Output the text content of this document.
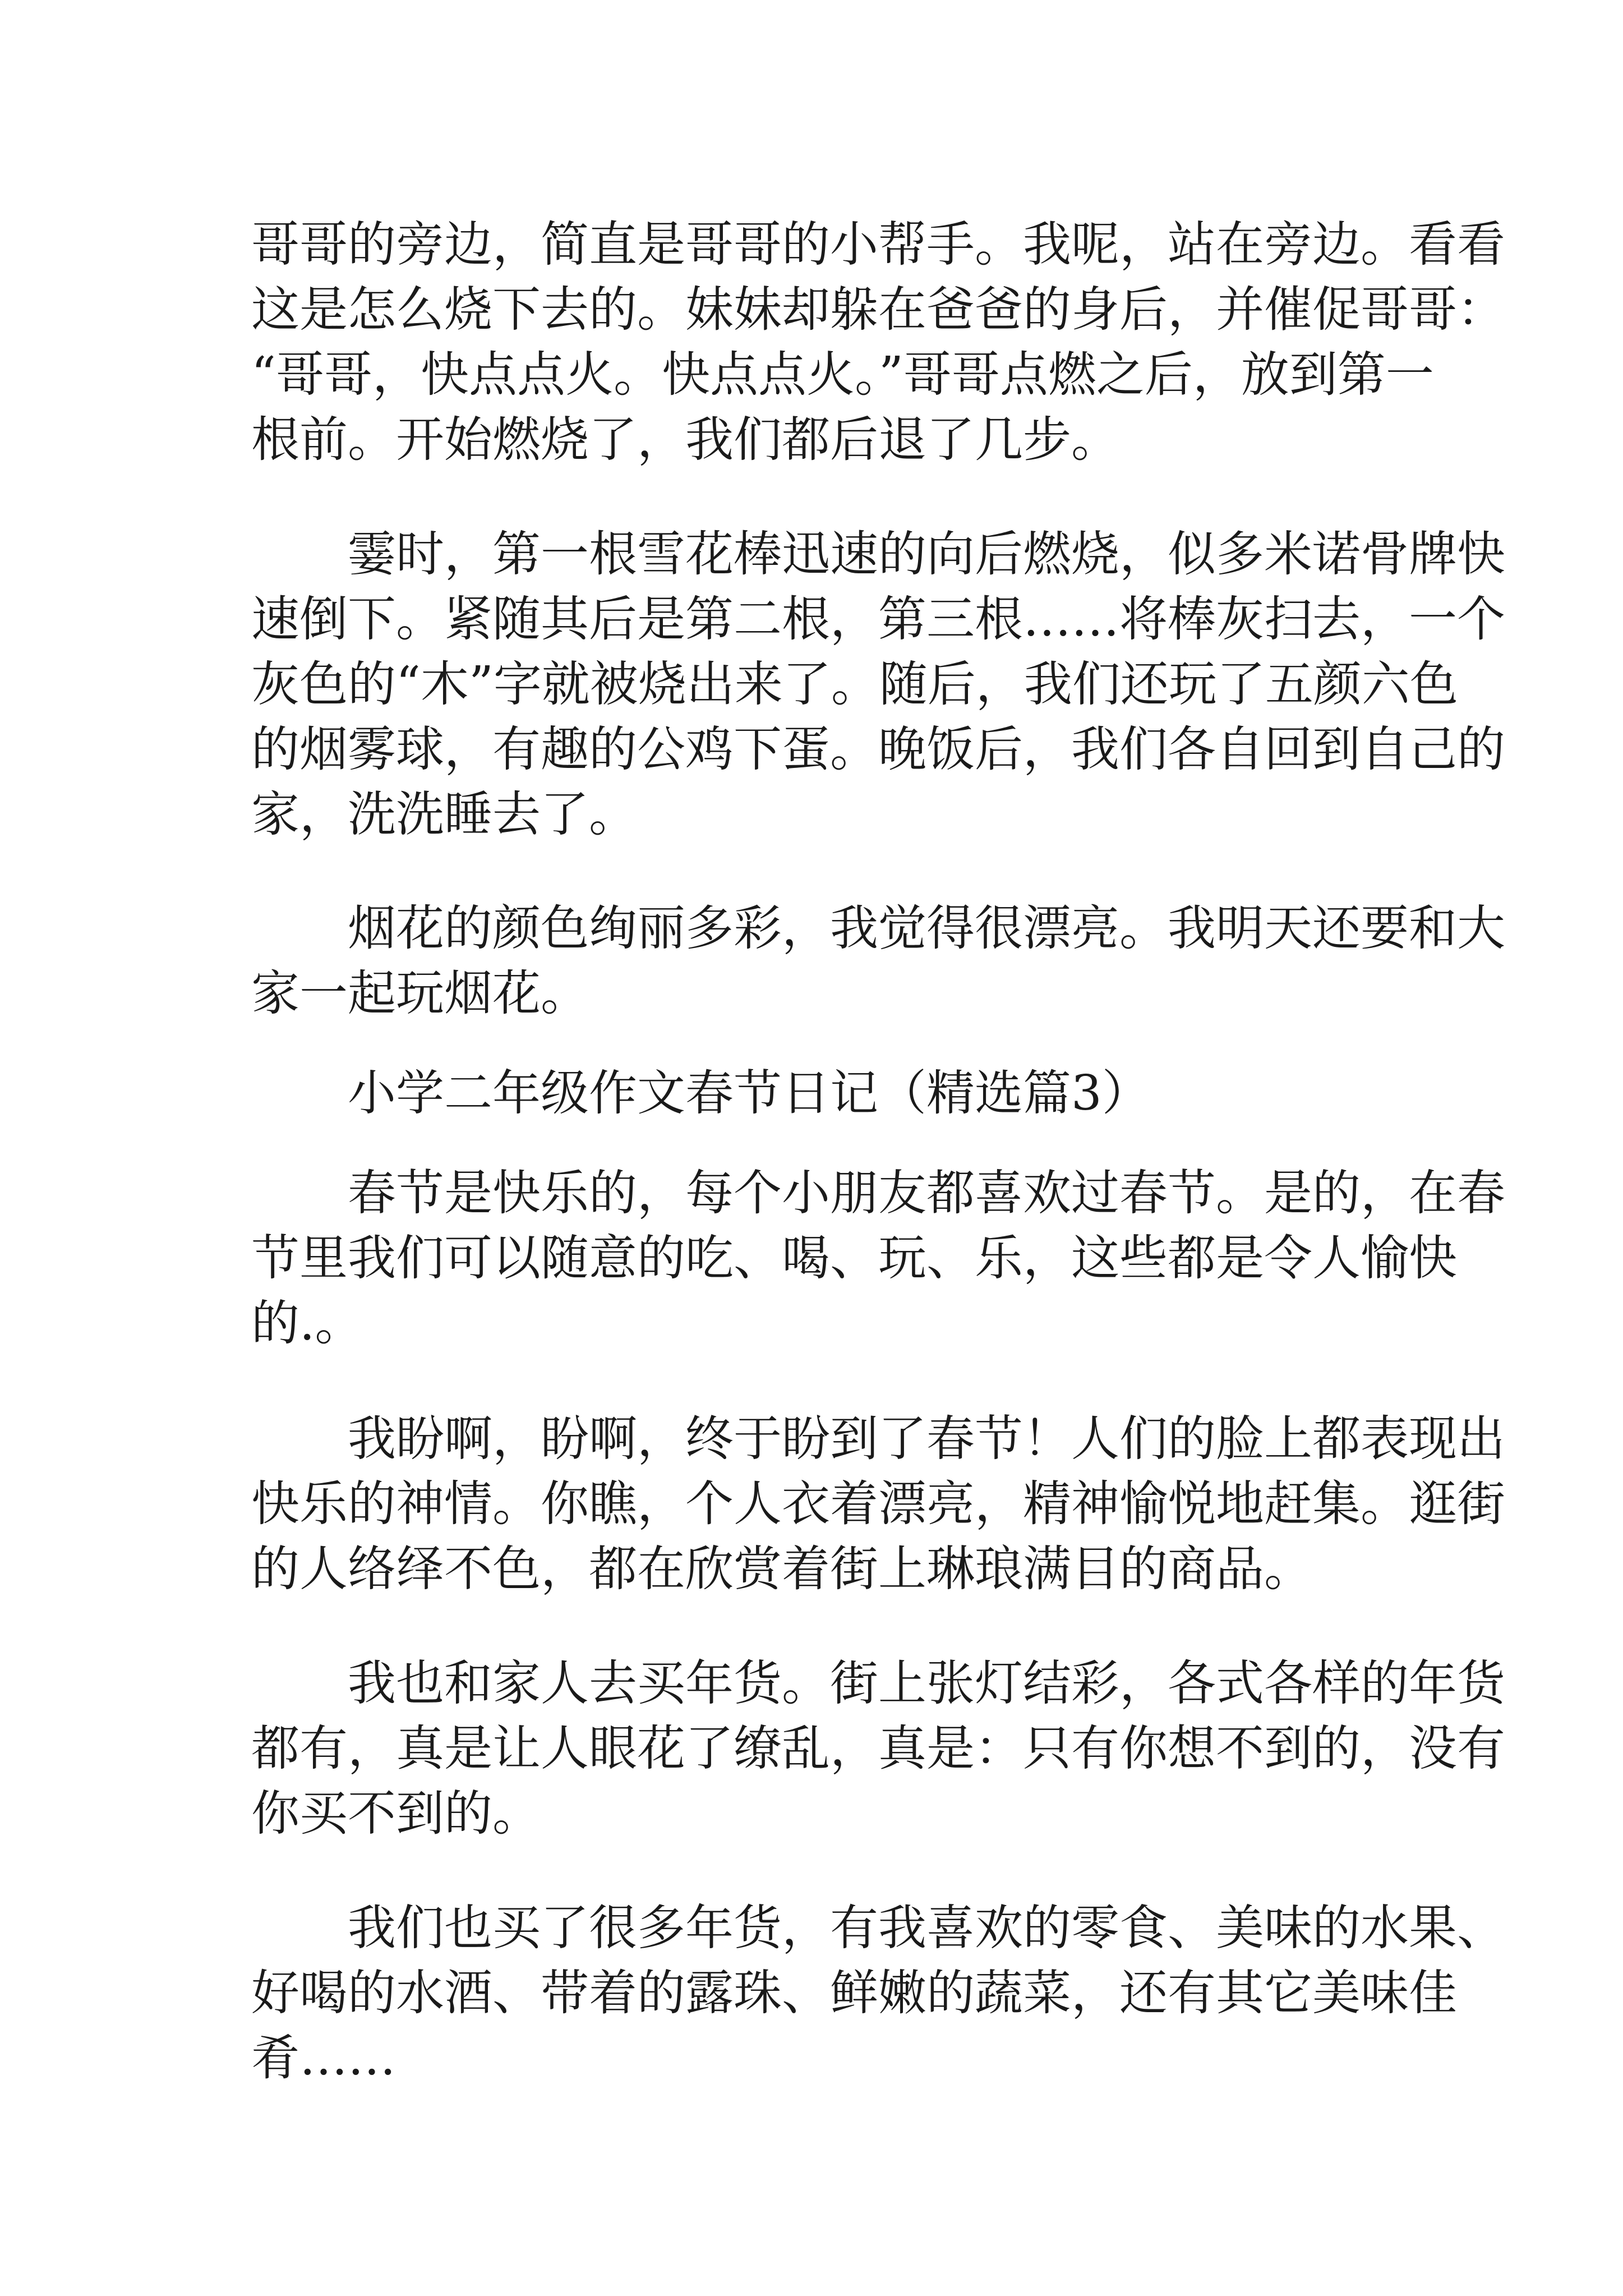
哥哥的旁边，简直是哥哥的小帮手。我呢，站在旁边。看看
这是怎么烧下去的。妹妹却躲在爸爸的身后，并催促哥哥：
“哥哥，快点点火。快点点火。”哥哥点燃之后，放到第一
根前。开始燃烧了，我们都后退了几步。
霎时，第一根雪花棒迅速的向后燃烧，似多米诺骨牌快
速倒下。紧随其后是第二根，第三根……将棒灰扫去，一个
灰色的“木”字就被烧出来了。随后，我们还玩了五颜六色
的烟雾球，有趣的公鸡下蛋。晚饭后，我们各自回到自己的
家，洗洗睡去了。
烟花的颜色绚丽多彩，我觉得很漂亮。我明天还要和大
家一起玩烟花。
小学二年级作文春节日记（精选篇3）
春节是快乐的，每个小朋友都喜欢过春节。是的，在春
节里我们可以随意的吃、喝、玩、乐，这些都是令人愉快
的.。
我盼啊，盼啊，终于盼到了春节！人们的脸上都表现出
快乐的神情。你瞧，个人衣着漂亮，精神愉悦地赶集。逛街
的人络绎不色，都在欣赏着街上琳琅满目的商品。
我也和家人去买年货。街上张灯结彩，各式各样的年货
都有，真是让人眼花了缭乱，真是：只有你想不到的，没有
你买不到的。
我们也买了很多年货，有我喜欢的零食、美味的水果、
好喝的水酒、带着的露珠、鲜嫩的蔬菜，还有其它美味佳
肴……
